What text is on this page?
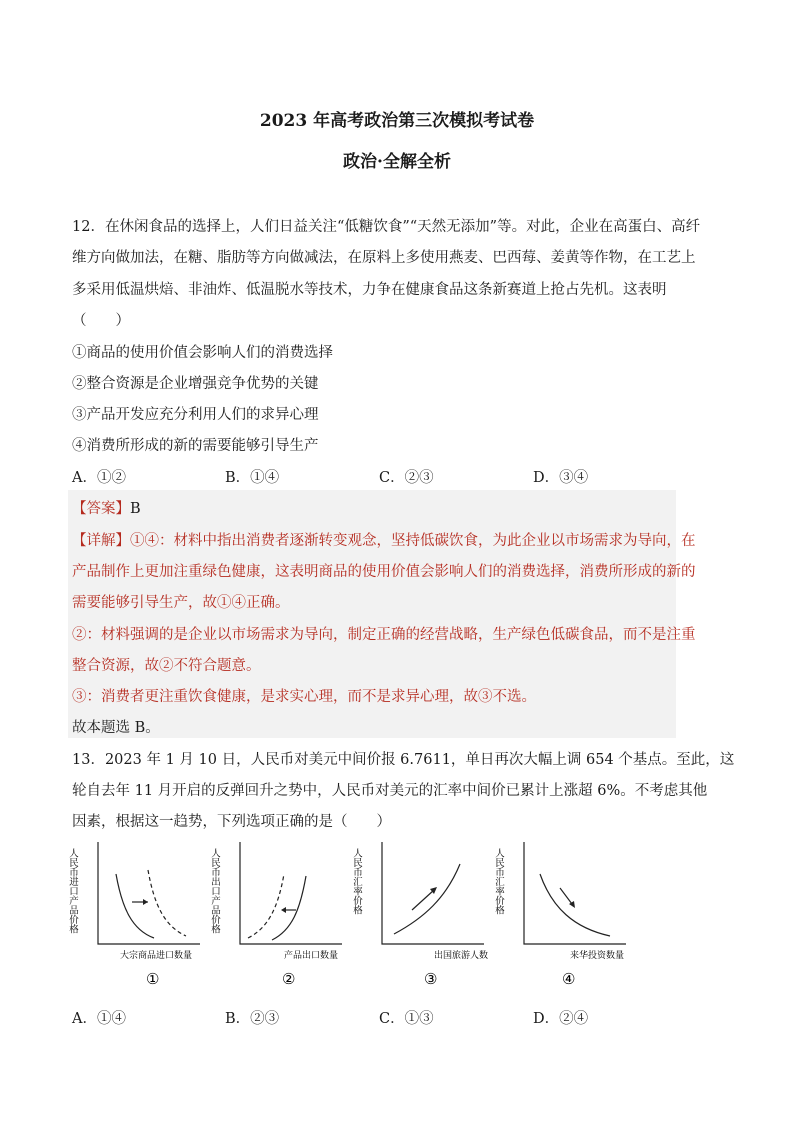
2023 年高考政治第三次模拟考试卷
政治·全解全析
12．在休闲食品的选择上，人们日益关注“低糖饮食”“天然无添加”等。对此，企业在高蛋白、高纤
维方向做加法，在糖、脂肪等方向做减法，在原料上多使用燕麦、巴西莓、姜黄等作物，在工艺上
多采用低温烘焙、非油炸、低温脱水等技术，力争在健康食品这条新赛道上抢占先机。这表明
（　　）
①商品的使用价值会影响人们的消费选择
②整合资源是企业增强竞争优势的关键
③产品开发应充分利用人们的求异心理
④消费所形成的新的需要能够引导生产
A．①②	B．①④	C．②③	D．③④
【答案】B
【详解】①④：材料中指出消费者逐渐转变观念，坚持低碳饮食，为此企业以市场需求为导向，在
产品制作上更加注重绿色健康，这表明商品的使用价值会影响人们的消费选择，消费所形成的新的
需要能够引导生产，故①④正确。
②：材料强调的是企业以市场需求为导向，制定正确的经营战略，生产绿色低碳食品，而不是注重
整合资源，故②不符合题意。
③：消费者更注重饮食健康，是求实心理，而不是求异心理，故③不选。
故本题选 B。
13．2023 年 1 月 10 日，人民币对美元中间价报 6.7611，单日再次大幅上调 654 个基点。至此，这
轮自去年 11 月开启的反弹回升之势中，人民币对美元的汇率中间价已累计上涨超 6%。不考虑其他
因素，根据这一趋势，下列选项正确的是（　　）
人民币进口产品价格
大宗商品进口数量
①
人民币出口产品价格
产品出口数量
②
人民币汇率价格
出国旅游人数
③
人民币汇率价格
来华投资数量
④
A．①④	B．②③	C．①③	D．②④
